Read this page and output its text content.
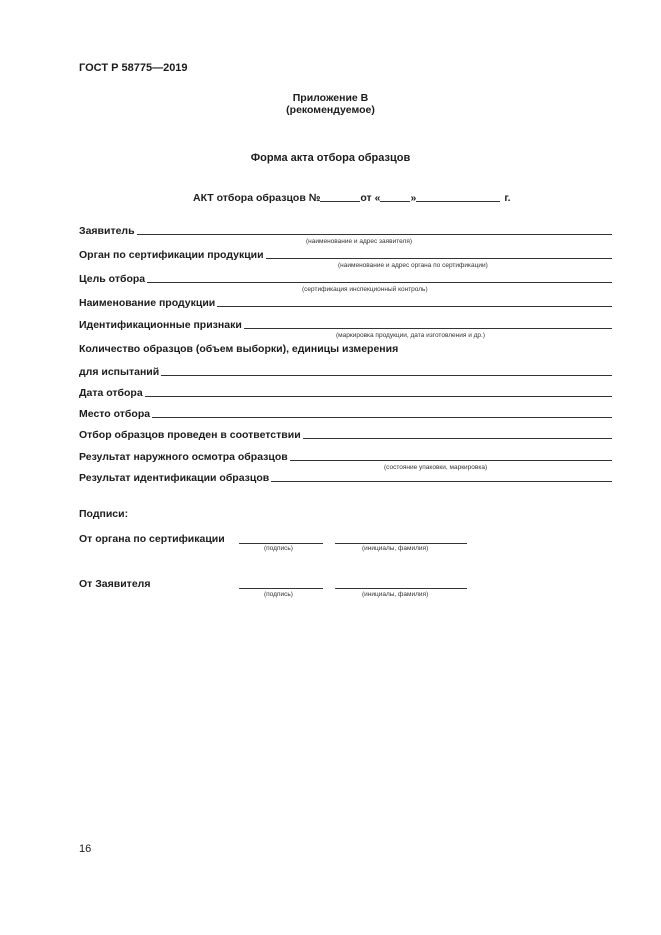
ГОСТ Р 58775—2019
Приложение В
(рекомендуемое)
Форма акта отбора образцов
АКТ отбора образцов №	от «	»	г.
Заявитель
(наименование и адрес заявителя)
Орган по сертификации продукции
(наименование и адрес органа по сертификации)
Цель отбора
(сертификация инспекционный контроль)
Наименование продукции
Идентификационные признаки
(маркировка продукции, дата изготовления и др.)
Количество образцов (объем выборки), единицы измерения
для испытаний
Дата отбора
Место отбора
Отбор образцов проведен в соответствии
Результат наружного осмотра образцов
(состояние упаковки, маркировка)
Результат идентификации образцов
Подписи:
От органа по сертификации
(подпись)	(инициалы, фамилия)
От Заявителя
(подпись)	(инициалы, фамилия)
16
